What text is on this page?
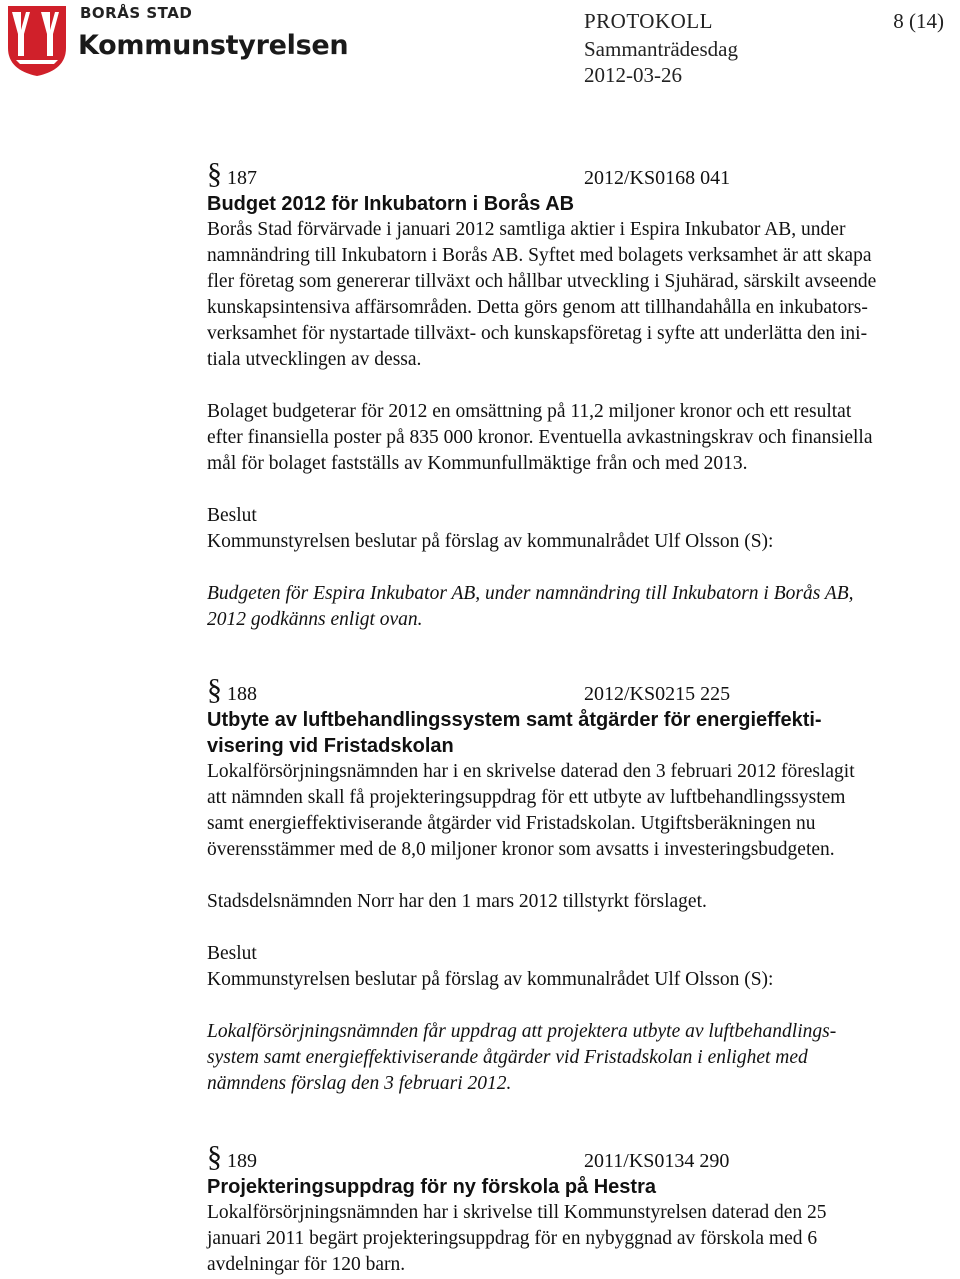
BORÅS STAD
Kommunstyrelsen
PROTOKOLL	8 (14)
Sammanträdesdag
2012-03-26
§ 187	2012/KS0168 041
Budget 2012 för Inkubatorn i Borås AB
Borås Stad förvärvade i januari 2012 samtliga aktier i Espira Inkubator AB, under
namnändring till Inkubatorn i Borås AB. Syftet med bolagets verksamhet är att skapa
fler företag som genererar tillväxt och hållbar utveckling i Sjuhärad, särskilt avseende
kunskapsintensiva affärsområden. Detta görs genom att tillhandahålla en inkubators-
verksamhet för nystartade tillväxt- och kunskapsföretag i syfte att underlätta den ini-
tiala utvecklingen av dessa.
Bolaget budgeterar för 2012 en omsättning på 11,2 miljoner kronor och ett resultat
efter finansiella poster på 835 000 kronor. Eventuella avkastningskrav och finansiella
mål för bolaget fastställs av Kommunfullmäktige från och med 2013.
Beslut
Kommunstyrelsen beslutar på förslag av kommunalrådet Ulf Olsson (S):
Budgeten för Espira Inkubator AB, under namnändring till Inkubatorn i Borås AB,
2012 godkänns enligt ovan.
§ 188	2012/KS0215 225
Utbyte av luftbehandlingssystem samt åtgärder för energieffekti-
visering vid Fristadskolan
Lokalförsörjningsnämnden har i en skrivelse daterad den 3 februari 2012 föreslagit
att nämnden skall få projekteringsuppdrag för ett utbyte av luftbehandlingssystem
samt energieffektiviserande åtgärder vid Fristadskolan. Utgiftsberäkningen nu
överensstämmer med de 8,0 miljoner kronor som avsatts i investeringsbudgeten.
Stadsdelsnämnden Norr har den 1 mars 2012 tillstyrkt förslaget.
Beslut
Kommunstyrelsen beslutar på förslag av kommunalrådet Ulf Olsson (S):
Lokalförsörjningsnämnden får uppdrag att projektera utbyte av luftbehandlings-
system samt energieffektiviserande åtgärder vid Fristadskolan i enlighet med
nämndens förslag den 3 februari 2012.
§ 189	2011/KS0134 290
Projekteringsuppdrag för ny förskola på Hestra
Lokalförsörjningsnämnden har i skrivelse till Kommunstyrelsen daterad den 25
januari 2011 begärt projekteringsuppdrag för en nybyggnad av förskola med 6
avdelningar för 120 barn.
